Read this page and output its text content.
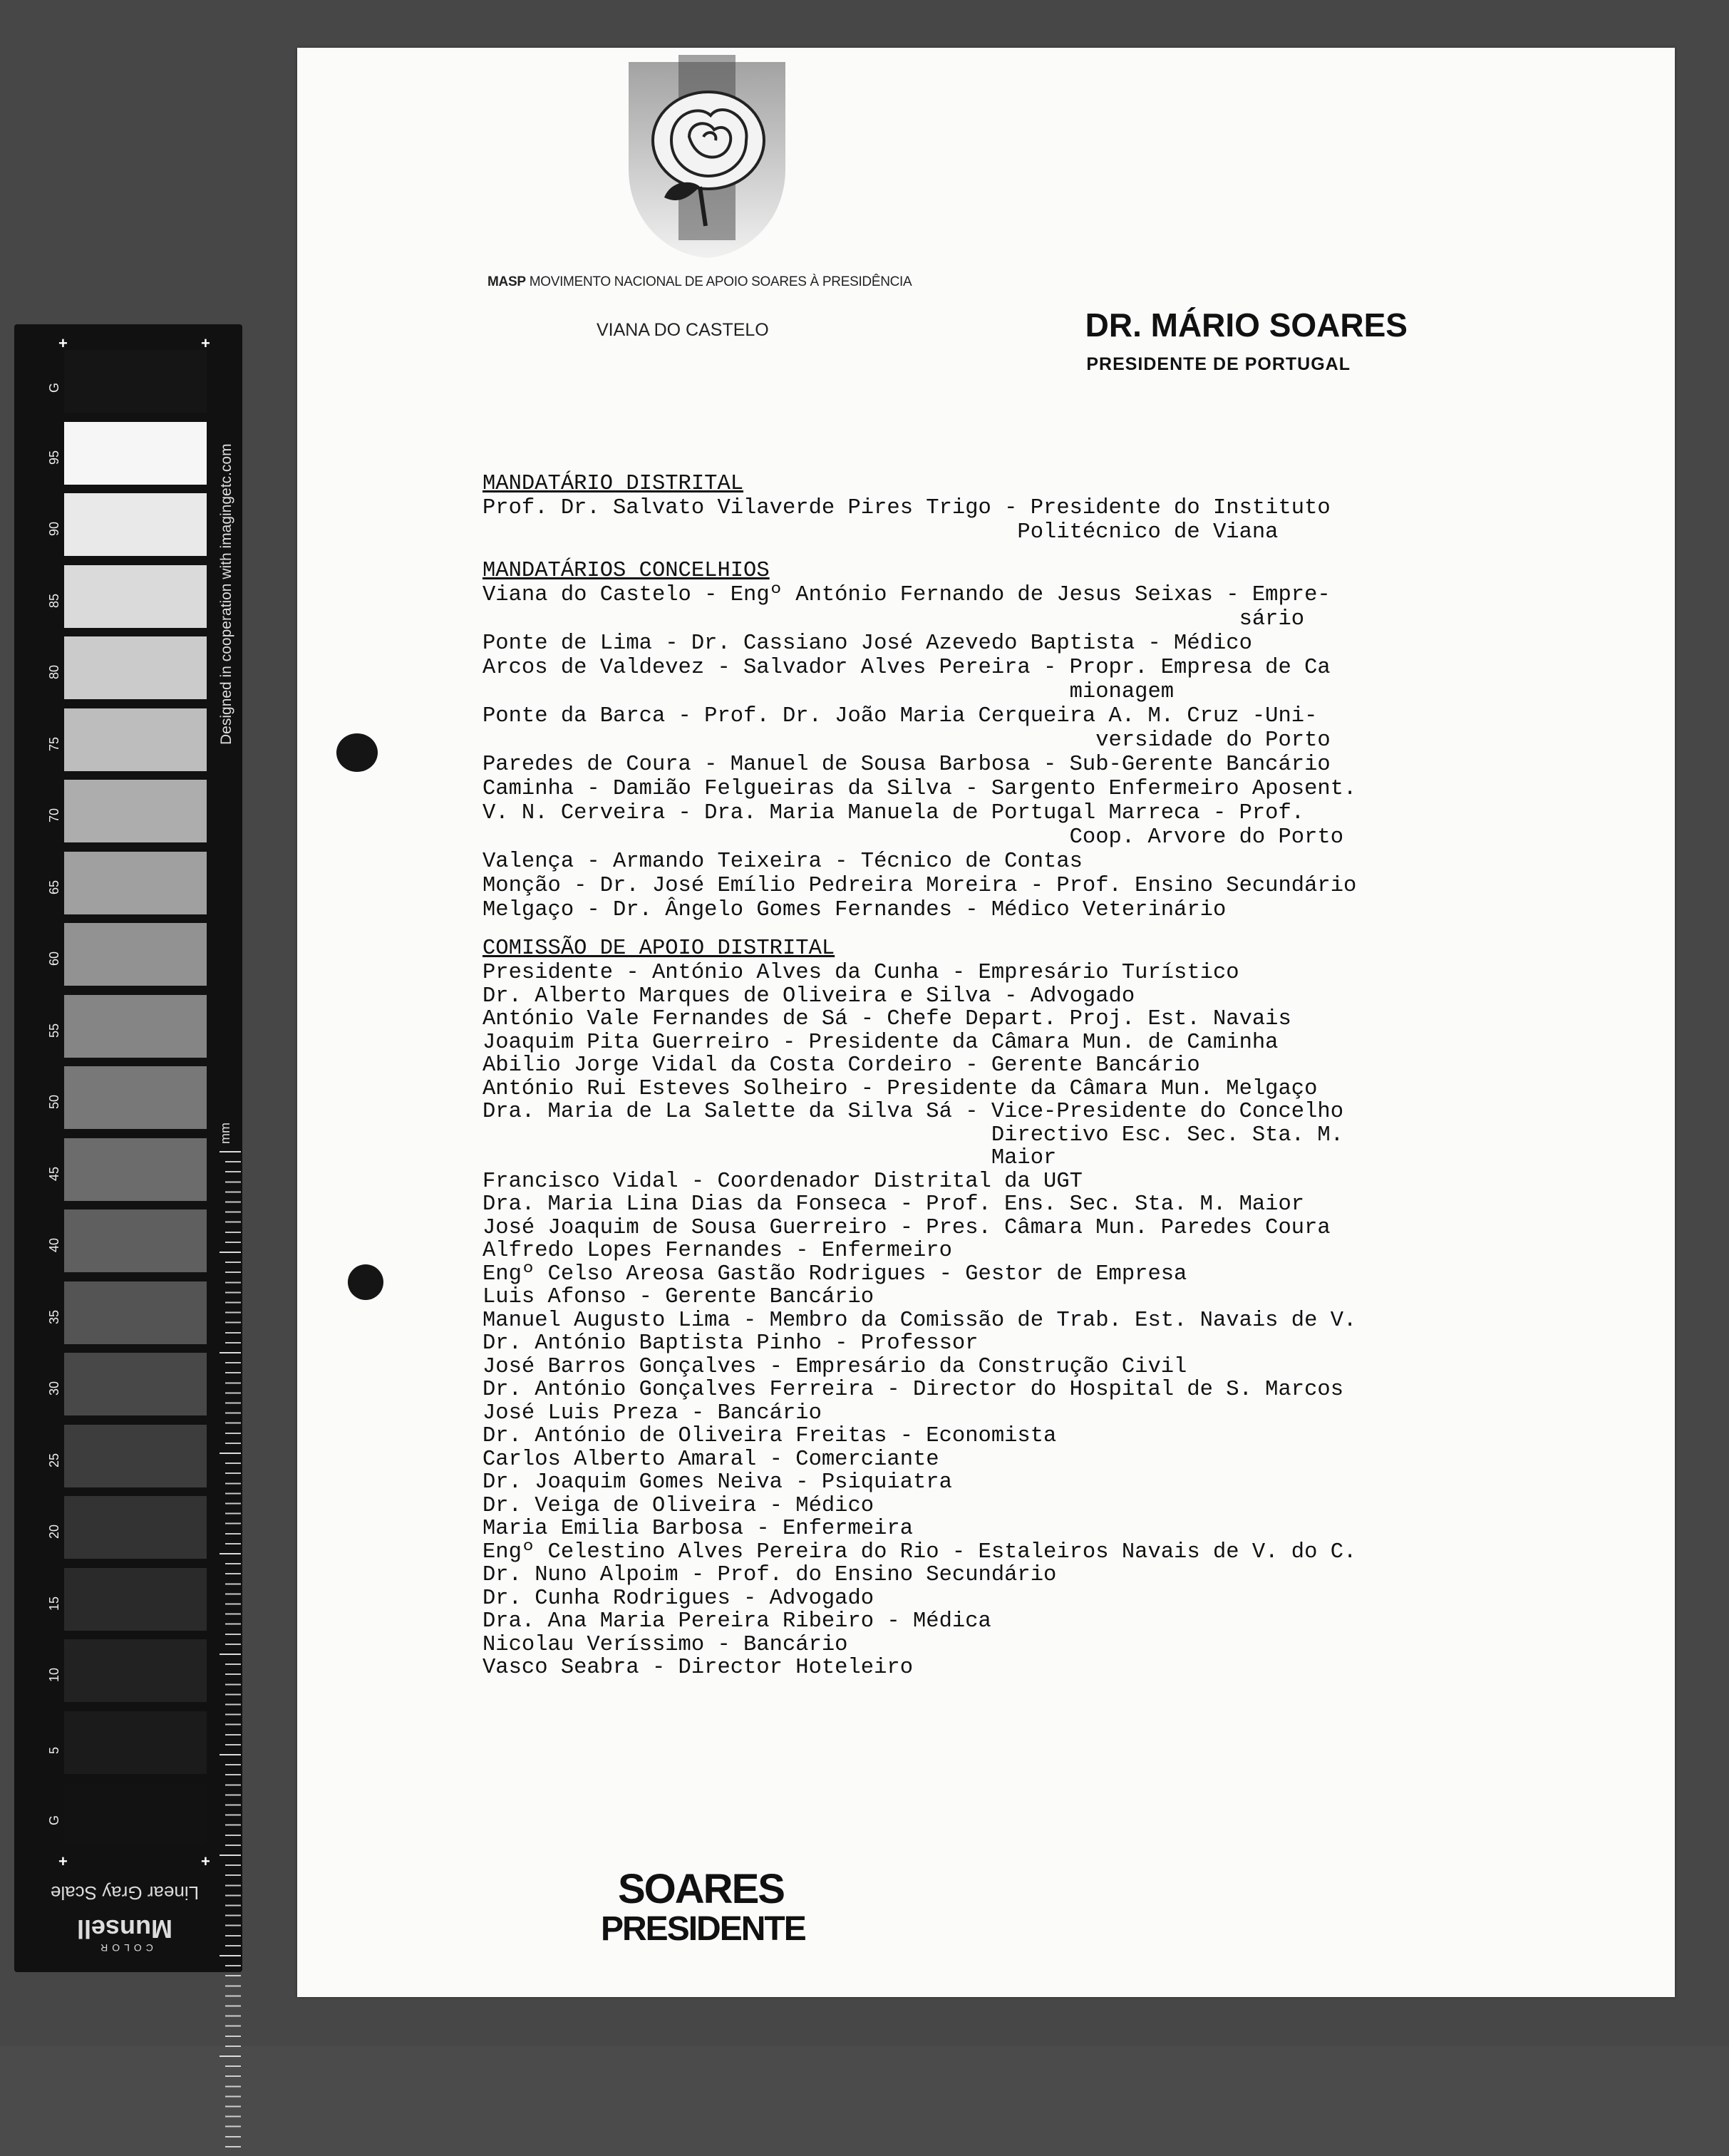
G
95
90
85
80
75
70
65
60
55
50
45
40
35
30
25
20
15
10
5
G
+	+
+	+
Designed in cooperation with imagingetc.com
mm
Linear Gray Scale
Munsell
COLOR
MASP MOVIMENTO NACIONAL DE APOIO SOARES À PRESIDÊNCIA
VIANA DO CASTELO	DR. MÁRIO SOARES
PRESIDENTE DE PORTUGAL
MANDATÁRIO DISTRITAL
Prof. Dr. Salvato Vilaverde Pires Trigo - Presidente do Instituto
Politécnico de Viana
MANDATÁRIOS CONCELHIOS
Viana do Castelo - Engº António Fernando de Jesus Seixas - Empre-
sário
Ponte de Lima - Dr. Cassiano José Azevedo Baptista - Médico
Arcos de Valdevez - Salvador Alves Pereira - Propr. Empresa de Ca
mionagem
Ponte da Barca - Prof. Dr. João Maria Cerqueira A. M. Cruz -Uni-
versidade do Porto
Paredes de Coura - Manuel de Sousa Barbosa - Sub-Gerente Bancário
Caminha - Damião Felgueiras da Silva - Sargento Enfermeiro Aposent.
V. N. Cerveira - Dra. Maria Manuela de Portugal Marreca - Prof.
Coop. Arvore do Porto
Valença - Armando Teixeira - Técnico de Contas
Monção - Dr. José Emílio Pedreira Moreira - Prof. Ensino Secundário
Melgaço - Dr. Ângelo Gomes Fernandes - Médico Veterinário
COMISSÃO DE APOIO DISTRITAL
Presidente - António Alves da Cunha - Empresário Turístico
Dr. Alberto Marques de Oliveira e Silva - Advogado
António Vale Fernandes de Sá - Chefe Depart. Proj. Est. Navais
Joaquim Pita Guerreiro - Presidente da Câmara Mun. de Caminha
Abilio Jorge Vidal da Costa Cordeiro - Gerente Bancário
António Rui Esteves Solheiro - Presidente da Câmara Mun. Melgaço
Dra. Maria de La Salette da Silva Sá - Vice-Presidente do Concelho
Directivo Esc. Sec. Sta. M.
Maior
Francisco Vidal - Coordenador Distrital da UGT
Dra. Maria Lina Dias da Fonseca - Prof. Ens. Sec. Sta. M. Maior
José Joaquim de Sousa Guerreiro - Pres. Câmara Mun. Paredes Coura
Alfredo Lopes Fernandes - Enfermeiro
Engº Celso Areosa Gastão Rodrigues - Gestor de Empresa
Luis Afonso - Gerente Bancário
Manuel Augusto Lima - Membro da Comissão de Trab. Est. Navais de V.
Dr. António Baptista Pinho - Professor
José Barros Gonçalves - Empresário da Construção Civil
Dr. António Gonçalves Ferreira - Director do Hospital de S. Marcos
José Luis Preza - Bancário
Dr. António de Oliveira Freitas - Economista
Carlos Alberto Amaral - Comerciante
Dr. Joaquim Gomes Neiva - Psiquiatra
Dr. Veiga de Oliveira - Médico
Maria Emilia Barbosa - Enfermeira
Engº Celestino Alves Pereira do Rio - Estaleiros Navais de V. do C.
Dr. Nuno Alpoim - Prof. do Ensino Secundário
Dr. Cunha Rodrigues - Advogado
Dra. Ana Maria Pereira Ribeiro - Médica
Nicolau Veríssimo - Bancário
Vasco Seabra - Director Hoteleiro
SOARES
PRESIDENTE
